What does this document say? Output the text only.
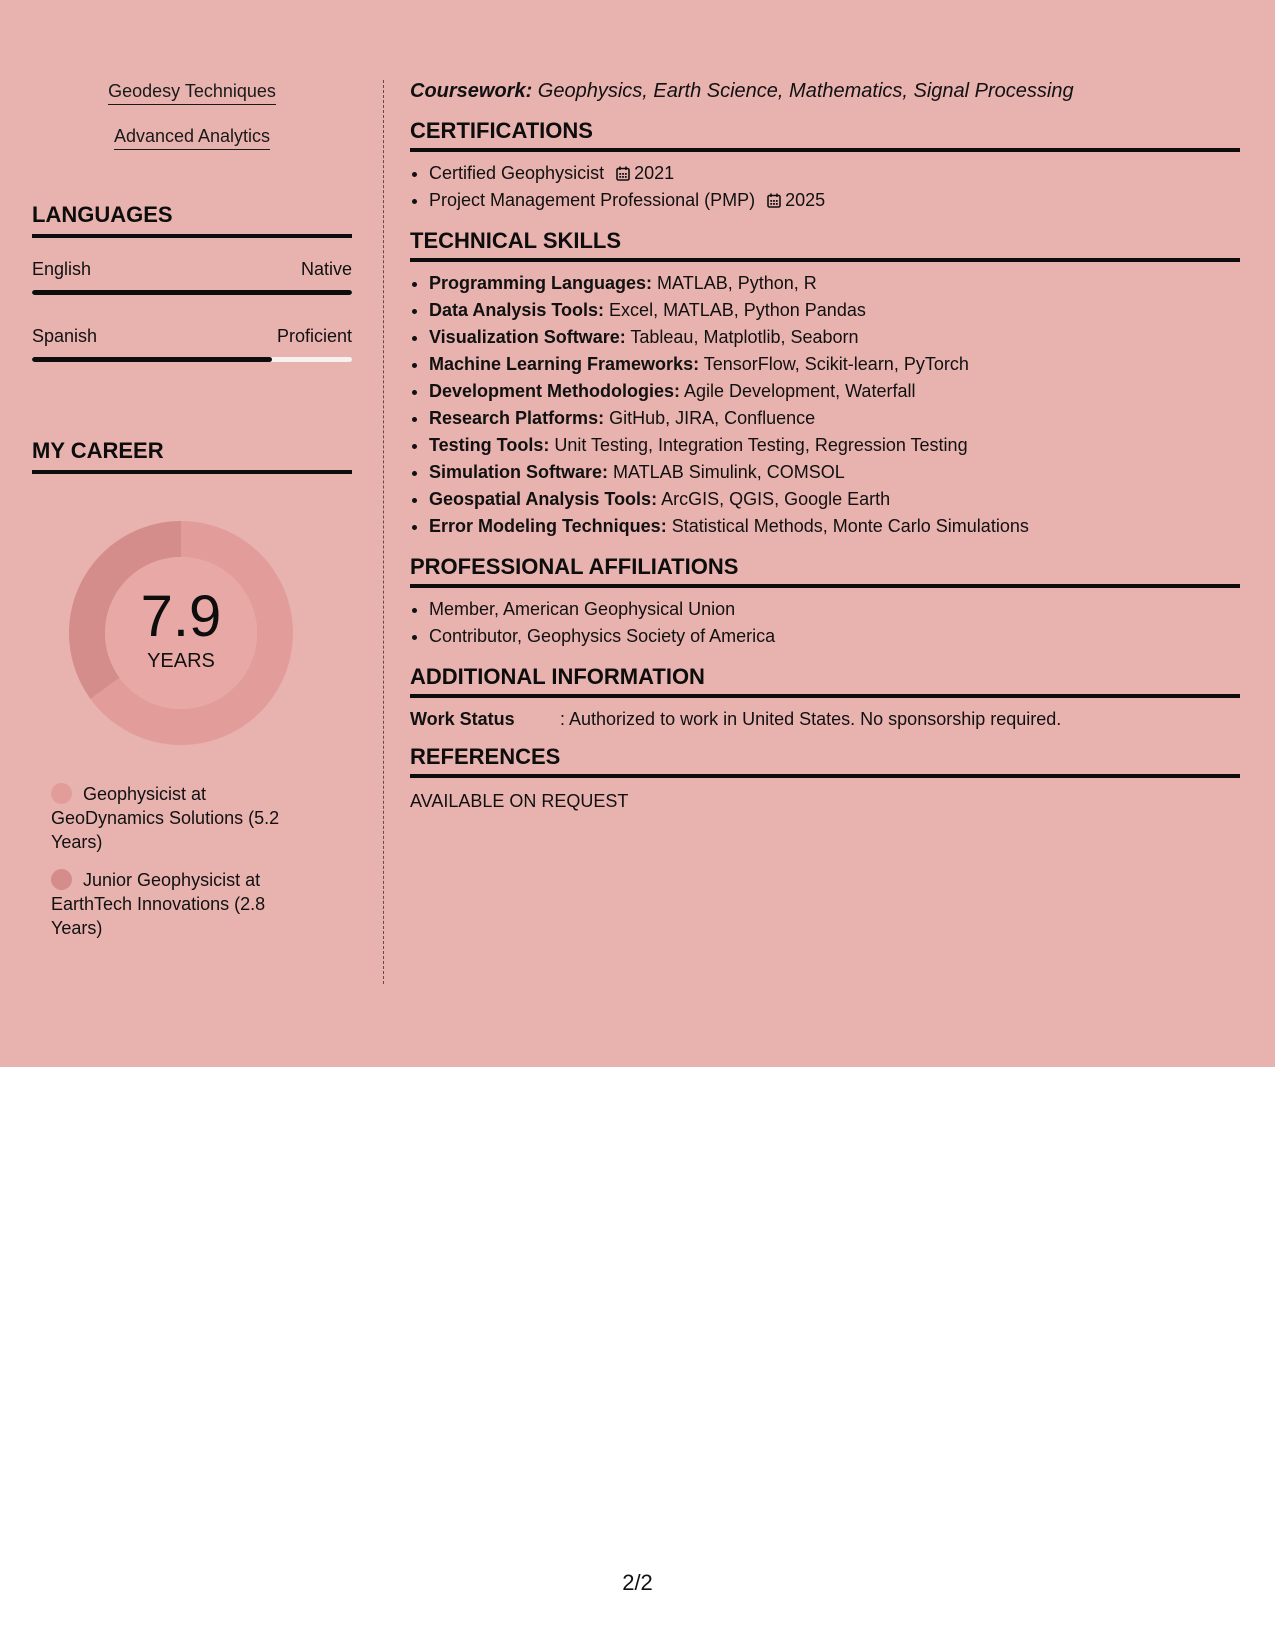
Geodesy Techniques
Advanced Analytics
LANGUAGES
English	Native
Spanish	Proficient
MY CAREER
7.9
YEARS
Geophysicist at GeoDynamics Solutions (5.2 Years)
Junior Geophysicist at EarthTech Innovations (2.8 Years)
Coursework: Geophysics, Earth Science, Mathematics, Signal Processing
CERTIFICATIONS
• Certified Geophysicist 2021
• Project Management Professional (PMP) 2025
TECHNICAL SKILLS
• Programming Languages: MATLAB, Python, R
• Data Analysis Tools: Excel, MATLAB, Python Pandas
• Visualization Software: Tableau, Matplotlib, Seaborn
• Machine Learning Frameworks: TensorFlow, Scikit-learn, PyTorch
• Development Methodologies: Agile Development, Waterfall
• Research Platforms: GitHub, JIRA, Confluence
• Testing Tools: Unit Testing, Integration Testing, Regression Testing
• Simulation Software: MATLAB Simulink, COMSOL
• Geospatial Analysis Tools: ArcGIS, QGIS, Google Earth
• Error Modeling Techniques: Statistical Methods, Monte Carlo Simulations
PROFESSIONAL AFFILIATIONS
• Member, American Geophysical Union
• Contributor, Geophysics Society of America
ADDITIONAL INFORMATION
Work Status	: Authorized to work in United States. No sponsorship required.
REFERENCES
AVAILABLE ON REQUEST
2/2
